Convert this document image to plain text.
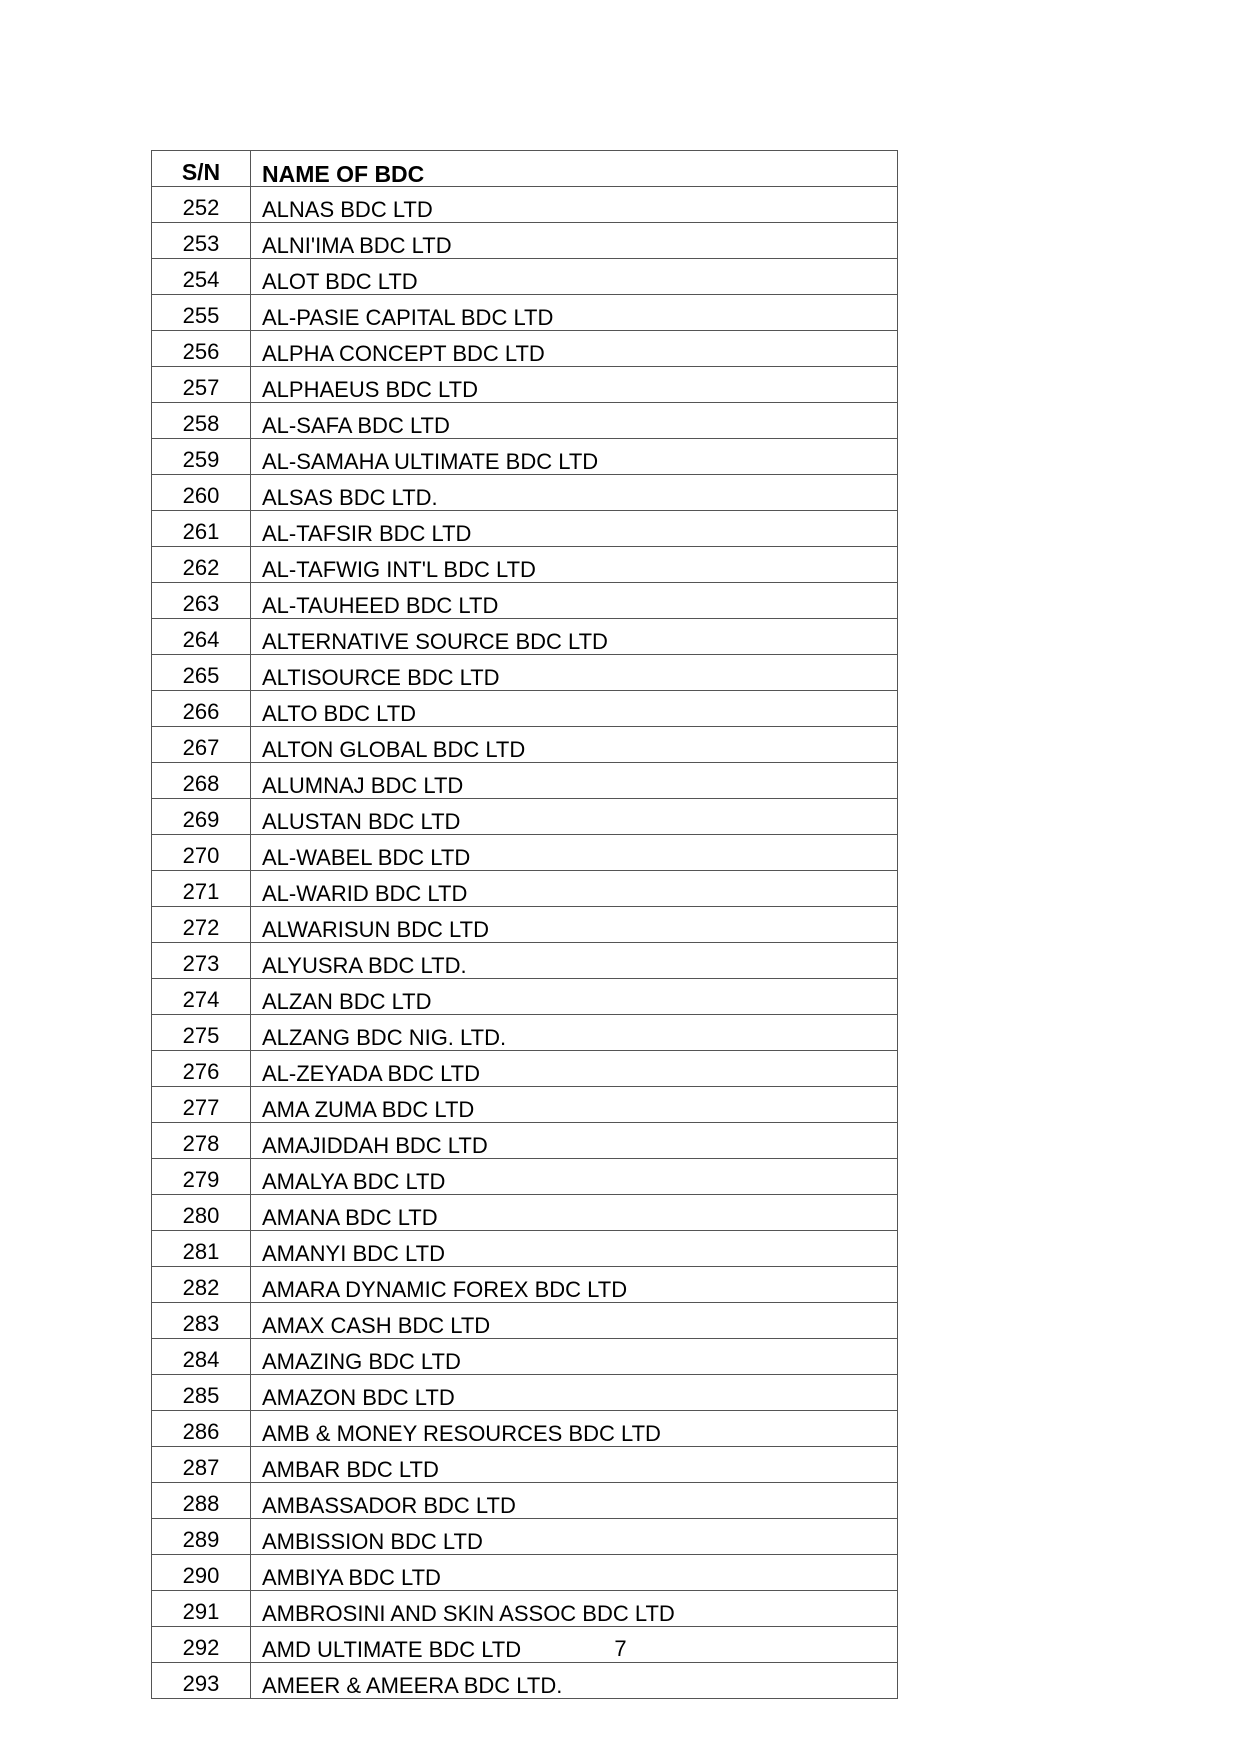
S/N	NAME OF BDC
252	ALNAS BDC LTD
253	ALNI'IMA BDC LTD
254	ALOT BDC LTD
255	AL-PASIE CAPITAL BDC LTD
256	ALPHA CONCEPT BDC LTD
257	ALPHAEUS BDC LTD
258	AL-SAFA BDC LTD
259	AL-SAMAHA ULTIMATE BDC LTD
260	ALSAS BDC LTD.
261	AL-TAFSIR BDC LTD
262	AL-TAFWIG INT'L BDC LTD
263	AL-TAUHEED BDC LTD
264	ALTERNATIVE SOURCE BDC LTD
265	ALTISOURCE BDC LTD
266	ALTO BDC LTD
267	ALTON GLOBAL BDC LTD
268	ALUMNAJ BDC LTD
269	ALUSTAN BDC LTD
270	AL-WABEL BDC LTD
271	AL-WARID BDC LTD
272	ALWARISUN BDC LTD
273	ALYUSRA BDC LTD.
274	ALZAN BDC LTD
275	ALZANG BDC NIG. LTD.
276	AL-ZEYADA BDC LTD
277	AMA ZUMA BDC LTD
278	AMAJIDDAH BDC LTD
279	AMALYA BDC LTD
280	AMANA BDC LTD
281	AMANYI BDC LTD
282	AMARA DYNAMIC FOREX BDC LTD
283	AMAX CASH BDC LTD
284	AMAZING BDC LTD
285	AMAZON BDC LTD
286	AMB & MONEY RESOURCES BDC LTD
287	AMBAR BDC LTD
288	AMBASSADOR BDC LTD
289	AMBISSION BDC LTD
290	AMBIYA BDC LTD
291	AMBROSINI AND SKIN ASSOC BDC LTD
292	AMD ULTIMATE BDC LTD
293	AMEER & AMEERA BDC LTD.
7
